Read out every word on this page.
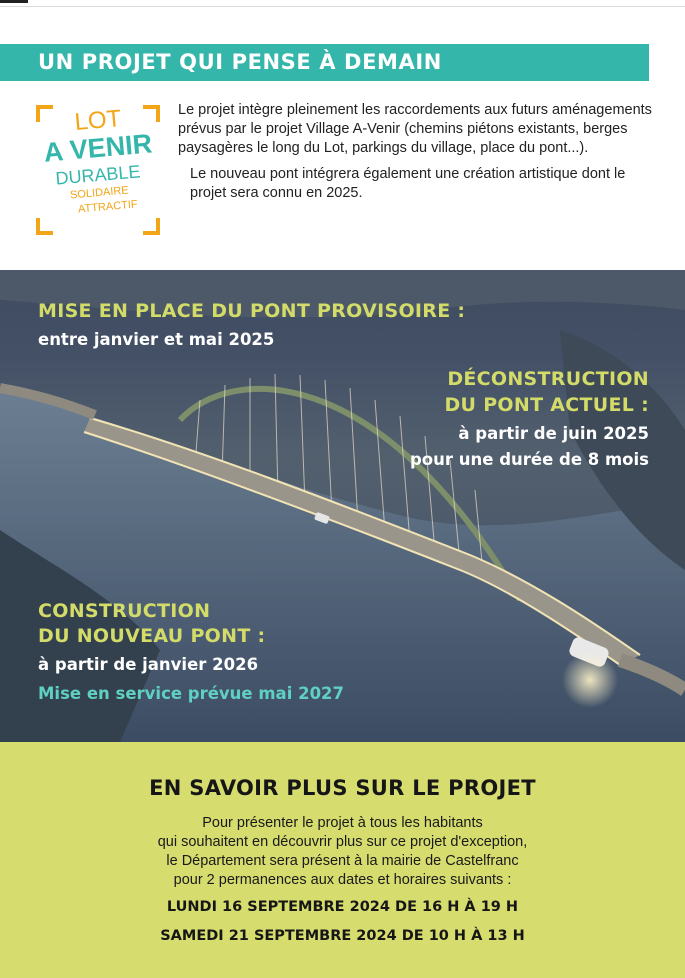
UN PROJET QUI PENSE À DEMAIN
LOT
A VENIR
DURABLE
SOLIDAIRE
ATTRACTIF

Le projet intègre pleinement les raccordements aux futurs aménagements prévus par le projet Village A-Venir (chemins piétons existants, berges paysagères le long du Lot, parkings du village, place du pont...).

Le nouveau pont intégrera également une création artistique dont le projet sera connu en 2025.

MISE EN PLACE DU PONT PROVISOIRE :
entre janvier et mai 2025
DÉCONSTRUCTION
DU PONT ACTUEL :
à partir de juin 2025
pour une durée de 8 mois
CONSTRUCTION
DU NOUVEAU PONT :
à partir de janvier 2026
Mise en service prévue mai 2027
EN SAVOIR PLUS SUR LE PROJET
Pour présenter le projet à tous les habitants
qui souhaitent en découvrir plus sur ce projet d'exception,
le Département sera présent à la mairie de Castelfranc
pour 2 permanences aux dates et horaires suivants :
LUNDI 16 SEPTEMBRE 2024 DE 16 H À 19 H
SAMEDI 21 SEPTEMBRE 2024 DE 10 H À 13 H
